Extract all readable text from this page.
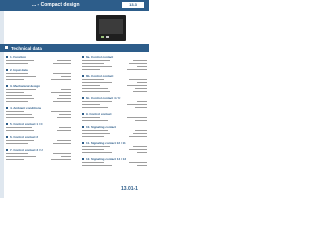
... - Compact design	13.3
Technical data
1. Function
2. Input data
3. Mechanical design
4. Ambient conditions
5. Control contact 1 / C
6. Control contact 2
7. Control contact 3 / U
8a. Control contact
8b. Control contact
8c. Control contact 4 / U
9. Control contact
10. Signaling contact
11. Signaling contact 12 / 11
12. Signaling contact 14 / 13
13.01-1
